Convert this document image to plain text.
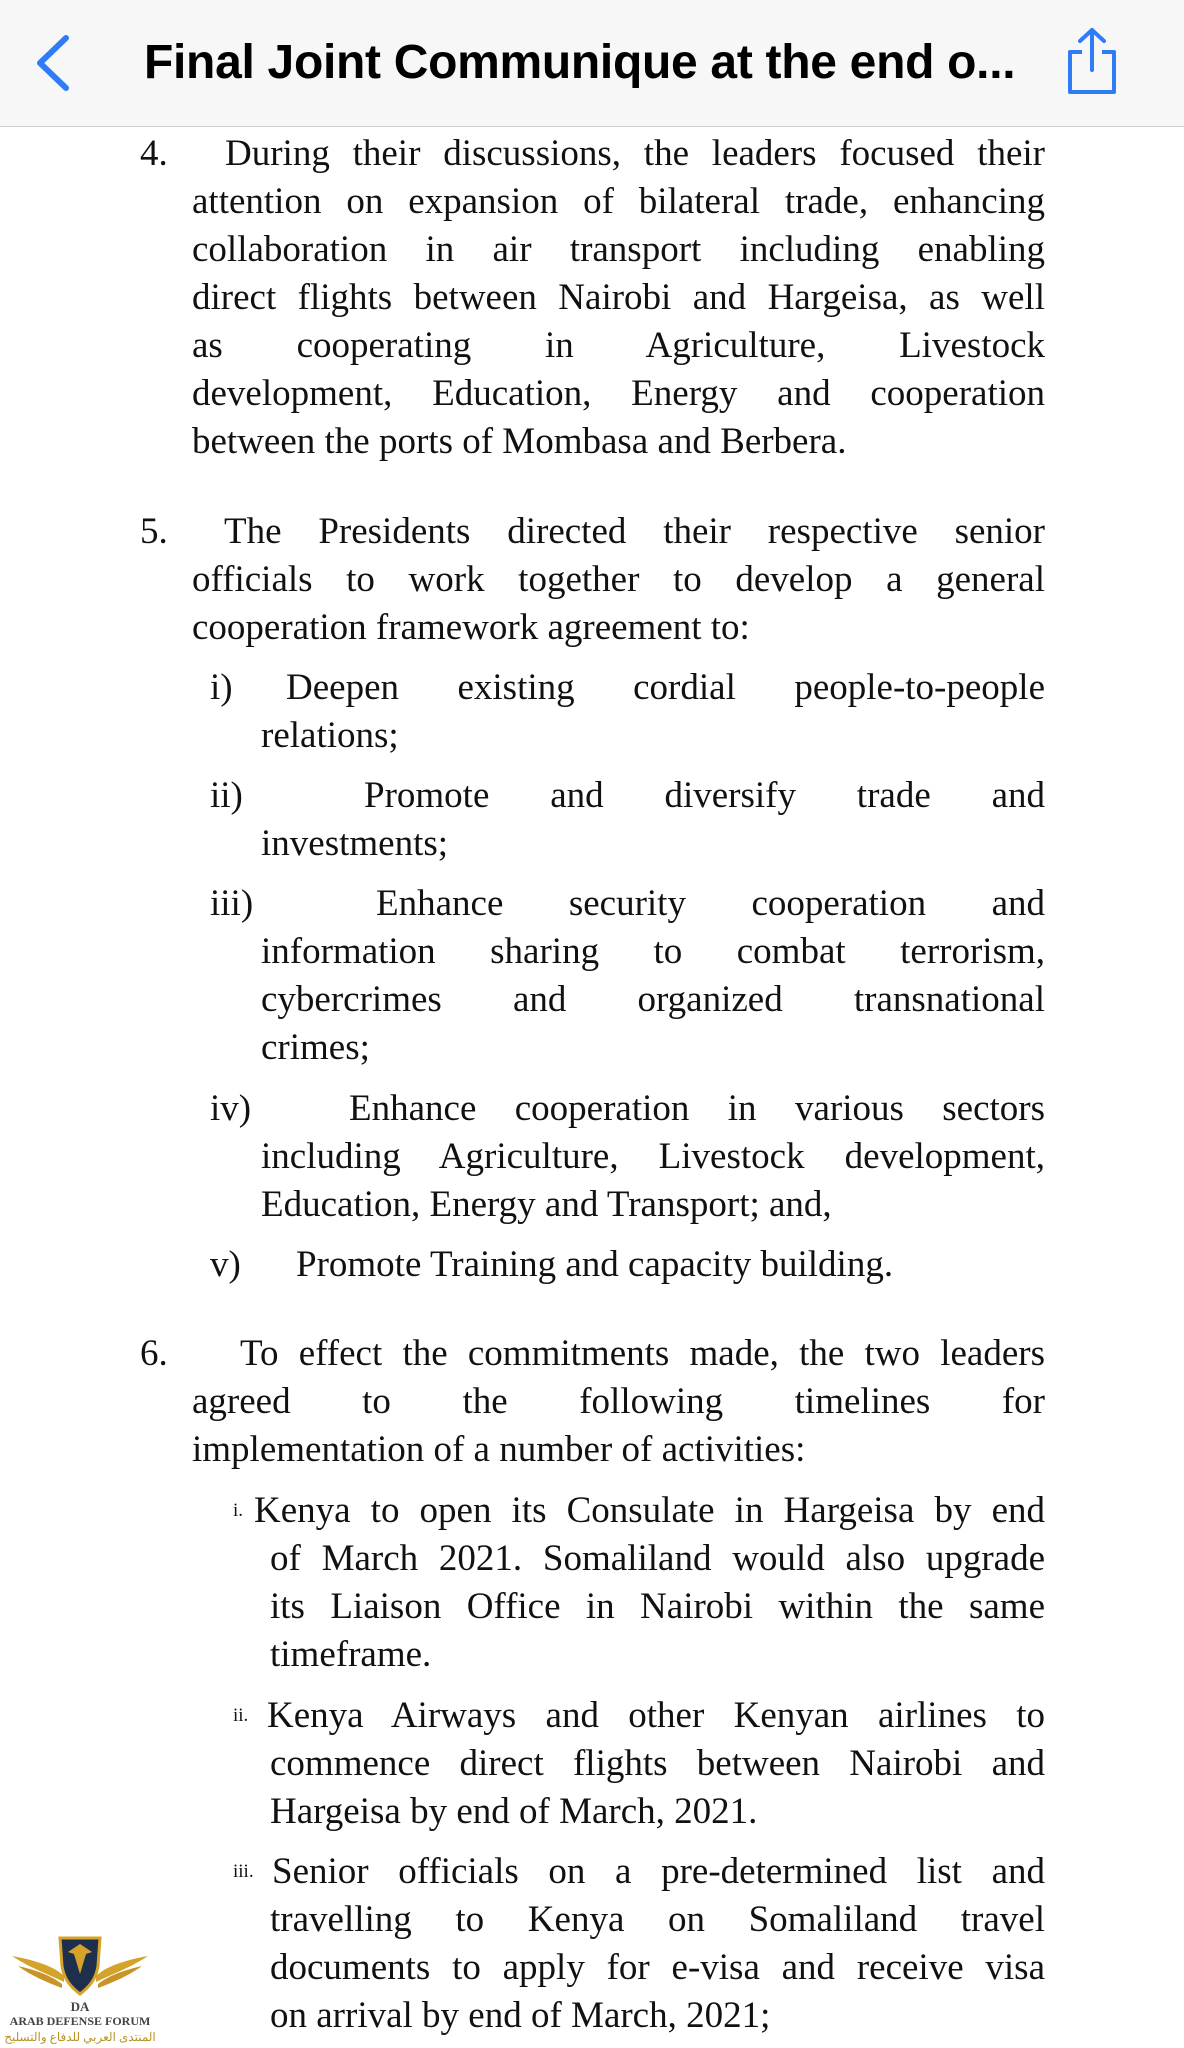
Final Joint Communique at the end o...
4. During their discussions, the leaders focused their
attention on expansion of bilateral trade, enhancing
collaboration in air transport including enabling
direct flights between Nairobi and Hargeisa, as well
as cooperating in Agriculture, Livestock
development, Education, Energy and cooperation
between the ports of Mombasa and Berbera.
5. The Presidents directed their respective senior
officials to work together to develop a general
cooperation framework agreement to:
i) Deepen existing cordial people-to-people
relations;
ii)	Promote and diversify trade and
investments;
iii)	Enhance security cooperation and
information sharing to combat terrorism,
cybercrimes and organized transnational
crimes;
iv)	Enhance cooperation in various sectors
including Agriculture, Livestock development,
Education, Energy and Transport; and,
v) Promote Training and capacity building.
6. To effect the commitments made, the two leaders
agreed to the following timelines for
implementation of a number of activities:
i. Kenya to open its Consulate in Hargeisa by end
of March 2021. Somaliland would also upgrade
its Liaison Office in Nairobi within the same
timeframe.
ii. Kenya Airways and other Kenyan airlines to
commence direct flights between Nairobi and
Hargeisa by end of March, 2021.
iii. Senior officials on a pre-determined list and
travelling to Kenya on Somaliland travel
documents to apply for e-visa and receive visa
on arrival by end of March, 2021;
DA
ARAB DEFENSE FORUM
المنتدى العربي للدفاع والتسليح
